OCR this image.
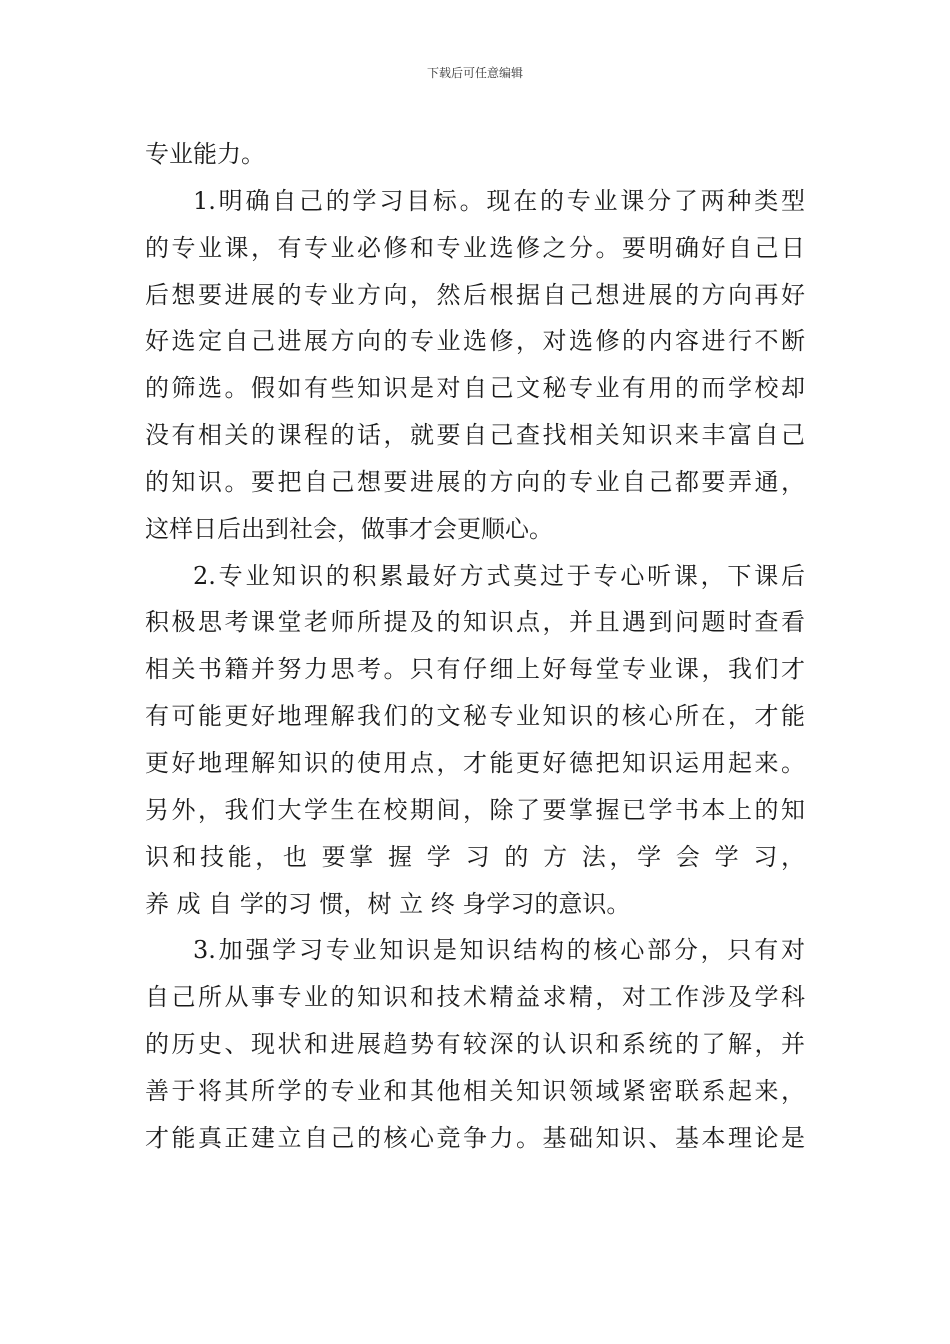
下载后可任意编辑
专业能力。
1.明确自己的学习目标。现在的专业课分了两种类型
的专业课，有专业必修和专业选修之分。要明确好自己日
后想要进展的专业方向，然后根据自己想进展的方向再好
好选定自己进展方向的专业选修，对选修的内容进行不断
的筛选。假如有些知识是对自己文秘专业有用的而学校却
没有相关的课程的话，就要自己查找相关知识来丰富自己
的知识。要把自己想要进展的方向的专业自己都要弄通，
这样日后出到社会，做事才会更顺心。
2.专业知识的积累最好方式莫过于专心听课，下课后
积极思考课堂老师所提及的知识点，并且遇到问题时查看
相关书籍并努力思考。只有仔细上好每堂专业课，我们才
有可能更好地理解我们的文秘专业知识的核心所在，才能
更好地理解知识的使用点，才能更好德把知识运用起来。
另外，我们大学生在校期间，除了要掌握已学书本上的知
识和技能，也 要掌 握 学 习 的 方 法，学 会 学 习，
养 成 自 学的习 惯，树 立 终 身学习的意识。
3.加强学习专业知识是知识结构的核心部分，只有对
自己所从事专业的知识和技术精益求精，对工作涉及学科
的历史、现状和进展趋势有较深的认识和系统的了解，并
善于将其所学的专业和其他相关知识领域紧密联系起来，
才能真正建立自己的核心竞争力。基础知识、基本理论是
